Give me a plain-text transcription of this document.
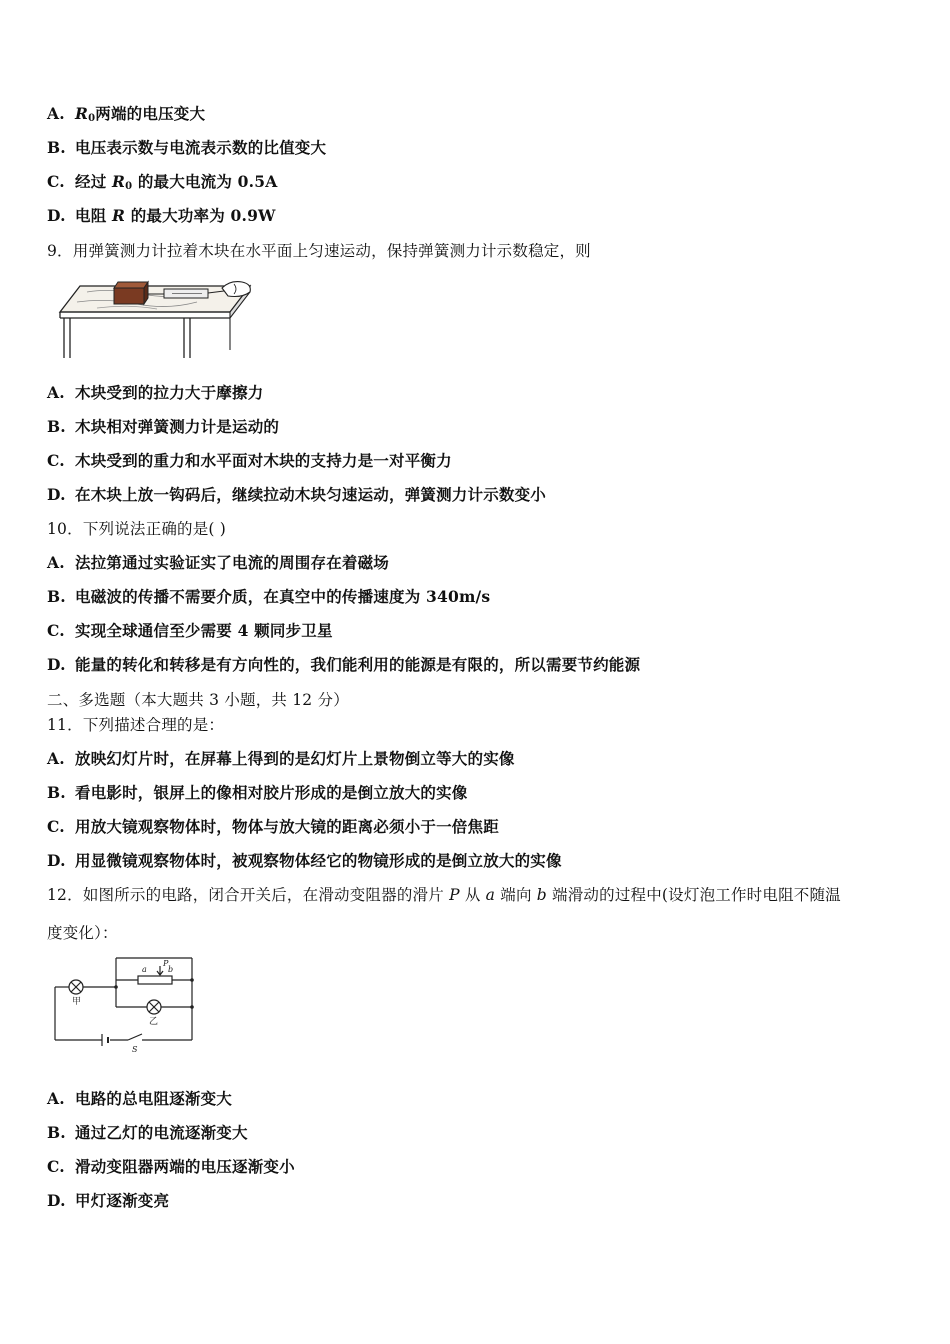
A. $R_0$两端的电压变大
B. 电压表示数与电流表示数的比值变大
C. 经过 $R_0$ 的最大电流为 0.5A
D. 电阻 R 的最大功率为 0.9W
9．用弹簧测力计拉着木块在水平面上匀速运动，保持弹簧测力计示数稳定，则
A. 木块受到的拉力大于摩擦力
B. 木块相对弹簧测力计是运动的
C. 木块受到的重力和水平面对木块的支持力是一对平衡力
D. 在木块上放一钩码后，继续拉动木块匀速运动，弹簧测力计示数变小
10．下列说法正确的是( )
A. 法拉第通过实验证实了电流的周围存在着磁场
B. 电磁波的传播不需要介质，在真空中的传播速度为 340m/s
C. 实现全球通信至少需要 4 颗同步卫星
D. 能量的转化和转移是有方向性的，我们能利用的能源是有限的，所以需要节约能源
二、多选题（本大题共 3 小题，共 12 分）
11．下列描述合理的是：
A. 放映幻灯片时，在屏幕上得到的是幻灯片上景物倒立等大的实像
B. 看电影时，银屏上的像相对胶片形成的是倒立放大的实像
C. 用放大镜观察物体时，物体与放大镜的距离必须小于一倍焦距
D. 用显微镜观察物体时，被观察物体经它的物镜形成的是倒立放大的实像
12．如图所示的电路，闭合开关后，在滑动变阻器的滑片 P 从 a 端向 b 端滑动的过程中(设灯泡工作时电阻不随温
度变化）：
甲
乙
S
a
P
b
A. 电路的总电阻逐渐变大
B. 通过乙灯的电流逐渐变大
C. 滑动变阻器两端的电压逐渐变小
D. 甲灯逐渐变亮
